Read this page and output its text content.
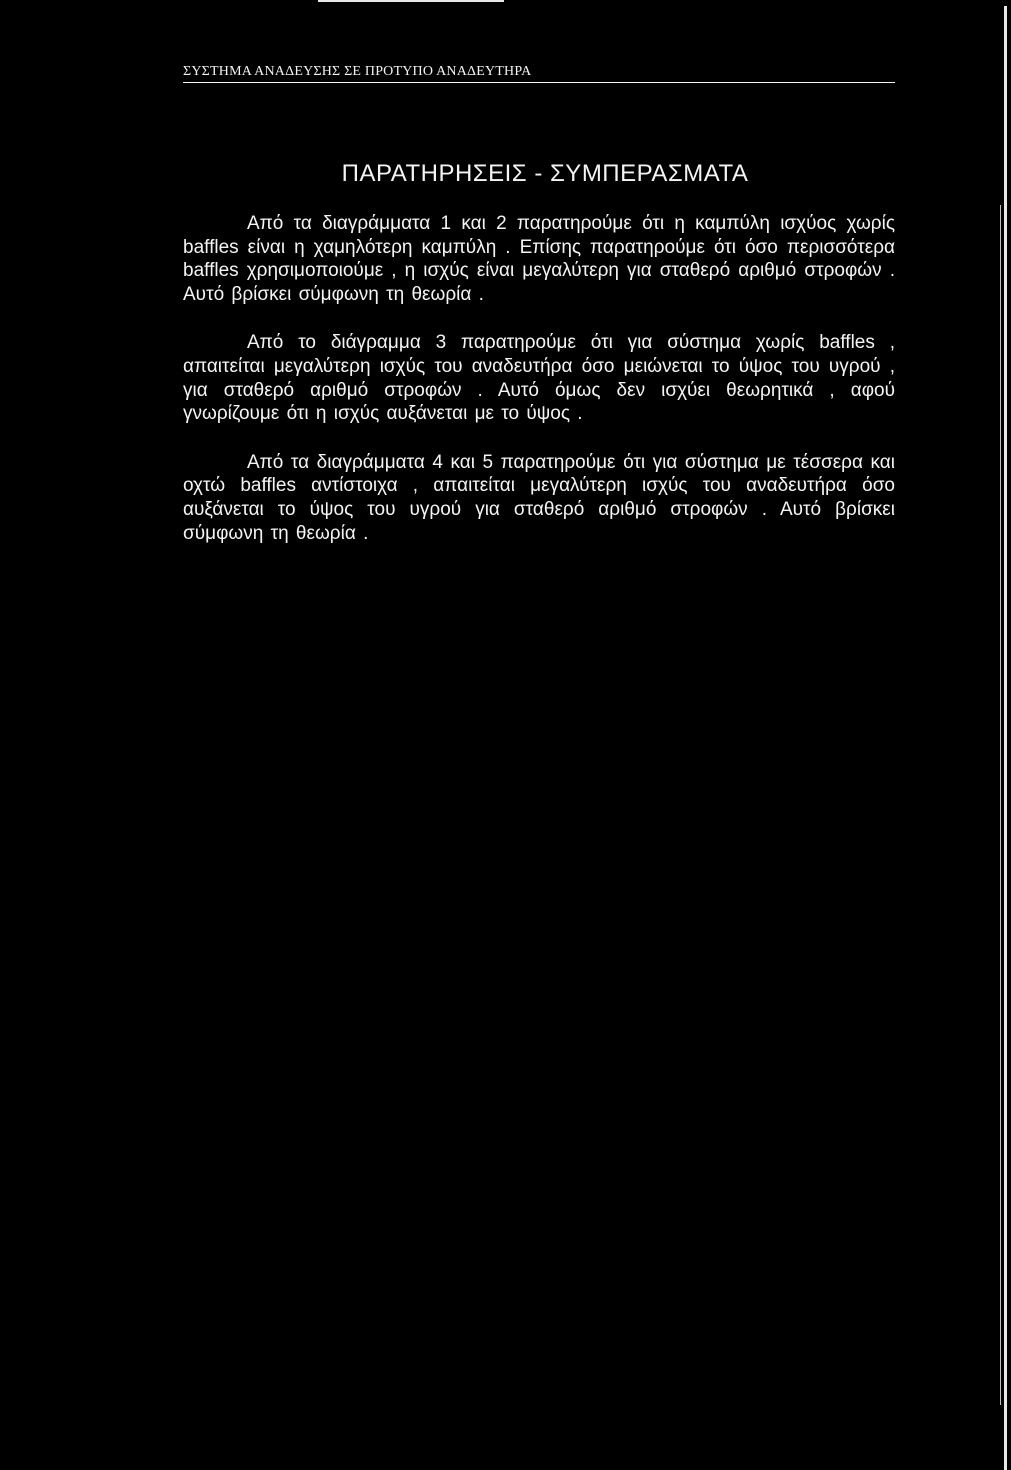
ΣΥΣΤΗΜΑ ΑΝΑΔΕΥΣΗΣ ΣΕ ΠΡΟΤΥΠΟ ΑΝΑΔΕΥΤΗΡΑ
ΠΑΡΑΤΗΡΗΣΕΙΣ - ΣΥΜΠΕΡΑΣΜΑΤΑ

Από τα διαγράμματα 1 και 2 παρατηρούμε ότι η καμπύλη ισχύος χωρίς baffles είναι η χαμηλότερη καμπύλη . Επίσης παρατηρούμε ότι όσο περισσότερα baffles χρησιμοποιούμε , η ισχύς είναι μεγαλύτερη για σταθερό αριθμό στροφών . Αυτό βρίσκει σύμφωνη τη θεωρία .

Από το διάγραμμα 3 παρατηρούμε ότι για σύστημα χωρίς baffles , απαιτείται μεγαλύτερη ισχύς του αναδευτήρα όσο μειώνεται το ύψος του υγρού , για σταθερό αριθμό στροφών . Αυτό όμως δεν ισχύει θεωρητικά , αφού γνωρίζουμε ότι η ισχύς αυξάνεται με το ύψος .

Από τα διαγράμματα 4 και 5 παρατηρούμε ότι για σύστημα με τέσσερα και οχτώ baffles αντίστοιχα , απαιτείται μεγαλύτερη ισχύς του αναδευτήρα όσο αυξάνεται το ύψος του υγρού για σταθερό αριθμό στροφών . Αυτό βρίσκει σύμφωνη τη θεωρία .
